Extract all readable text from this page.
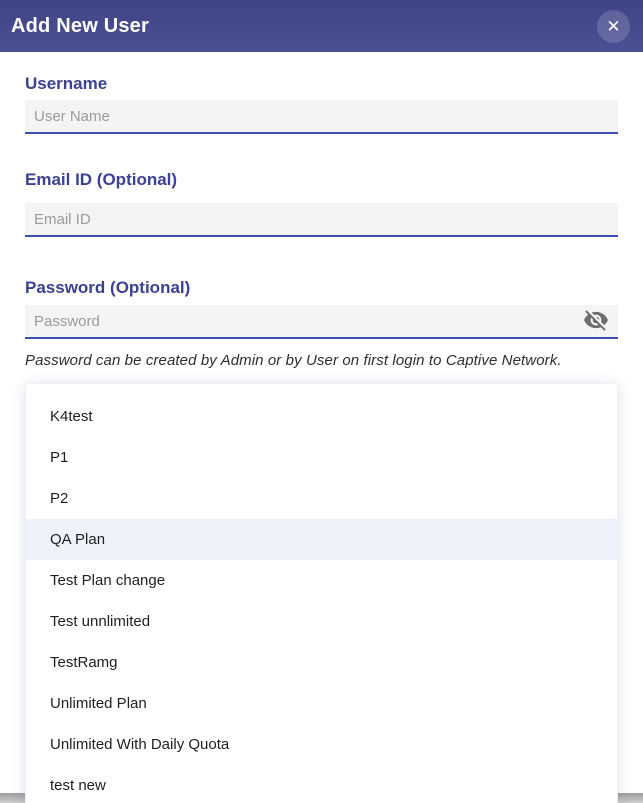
Add New User	✕
Username
User Name
Email ID (Optional)
Email ID
Password (Optional)
Password
Password can be created by Admin or by User on first login to Captive Network.
K4test
P1
P2
QA Plan
Test Plan change
Test unnlimited
TestRamg
Unlimited Plan
Unlimited With Daily Quota
test new
